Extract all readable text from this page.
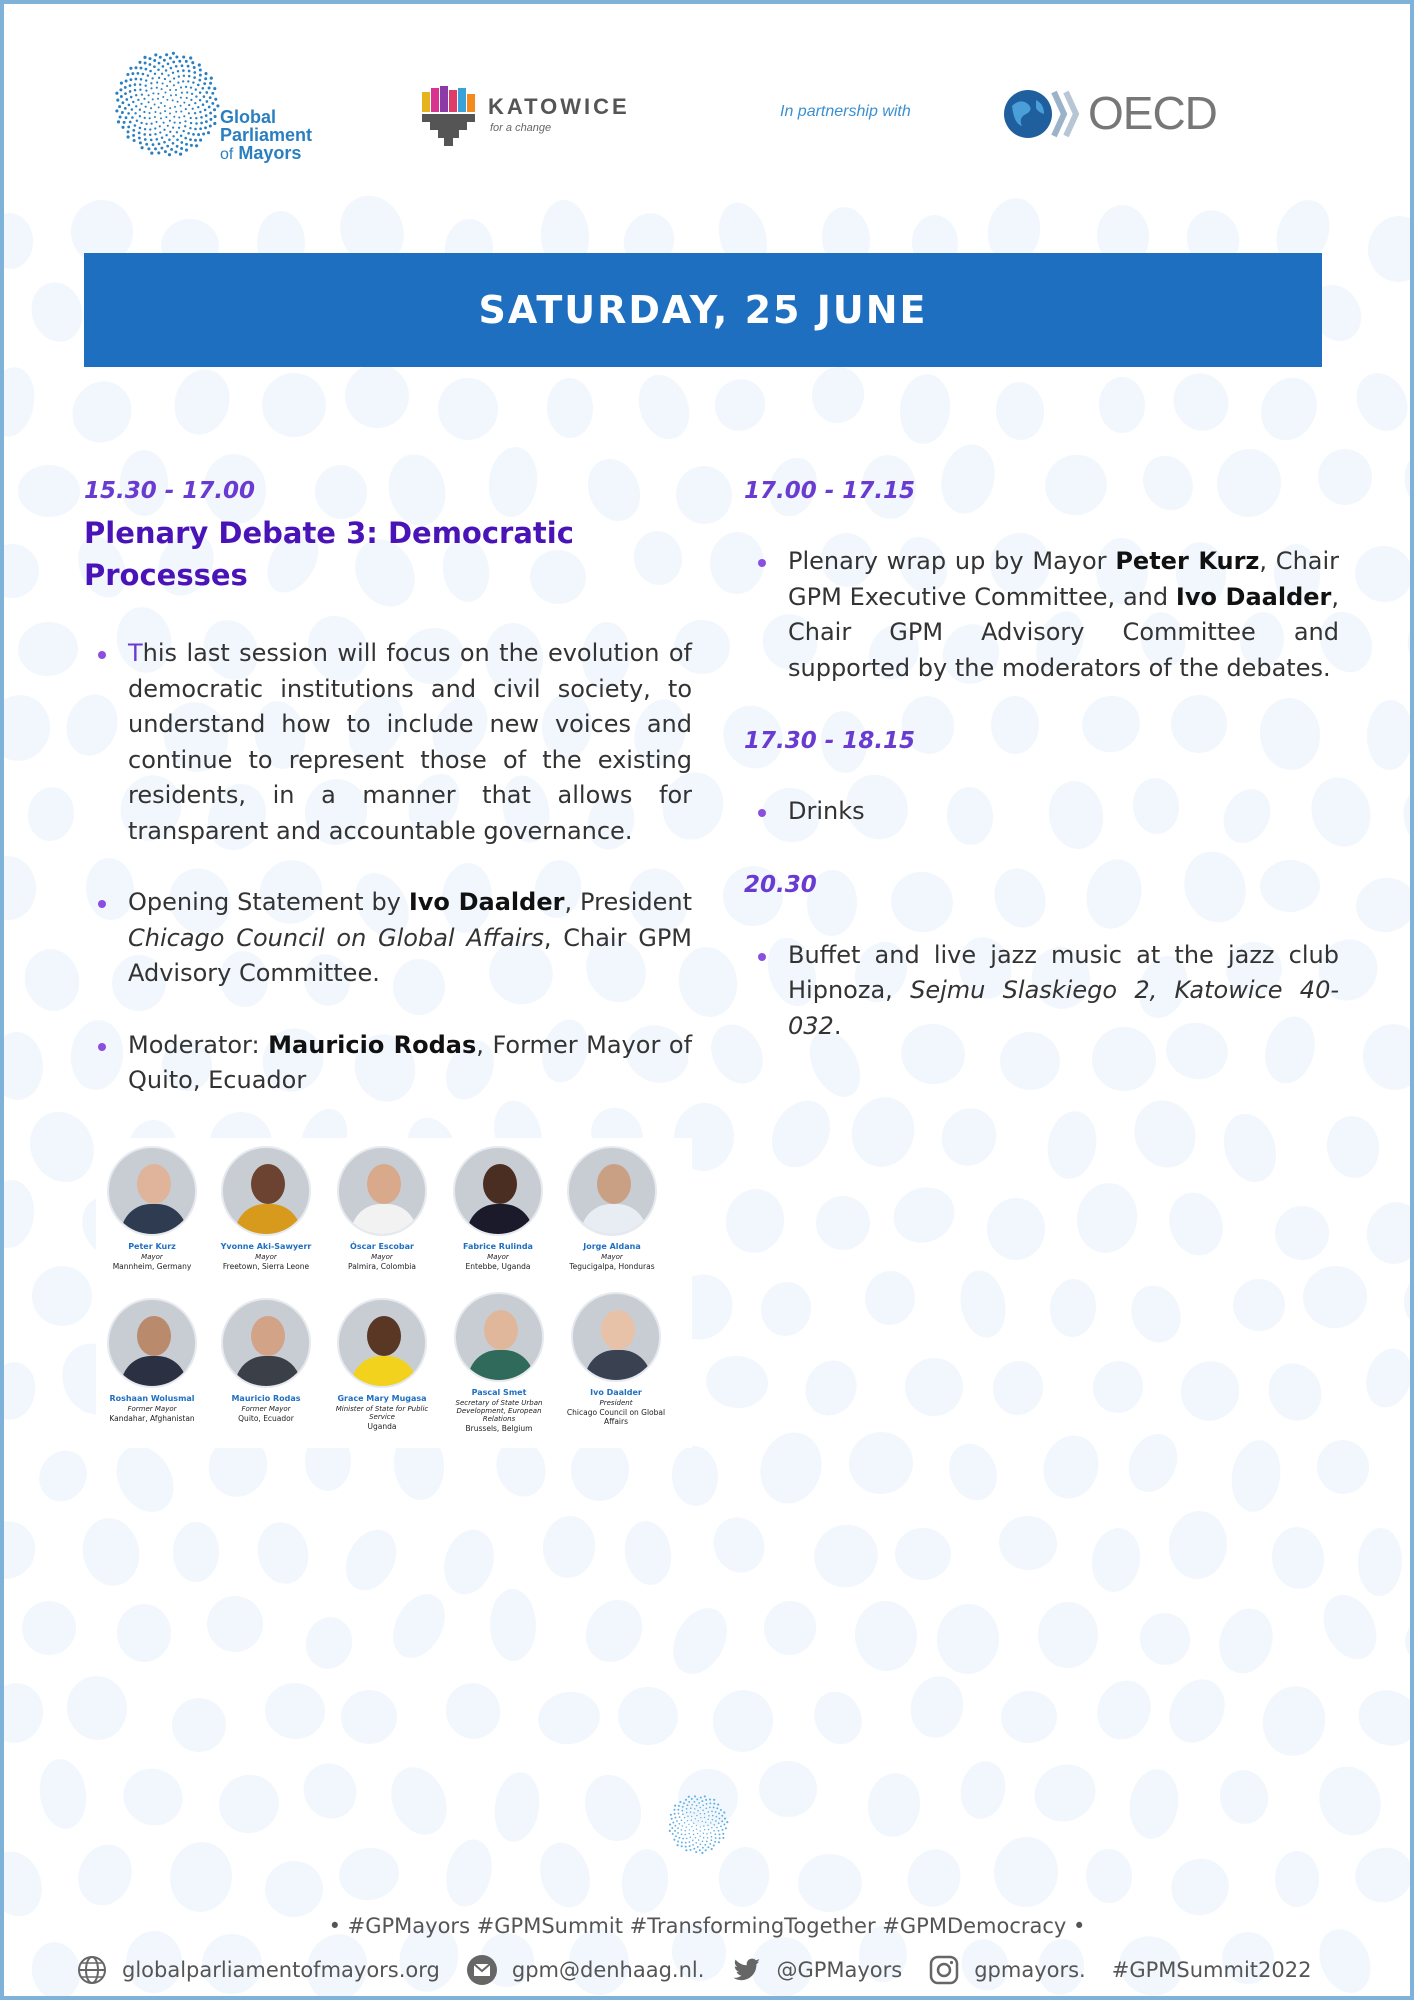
Global
Parliament
of Mayors
KATOWICE
for a change
In partnership with	OECD
SATURDAY, 25 JUNE
15.30 - 17.00
Plenary Debate 3: Democratic Processes
This last session will focus on the evolution of democratic institutions and civil society, to understand how to include new voices and continue to represent those of the existing residents, in a manner that allows for transparent and accountable governance.
Opening Statement by Ivo Daalder, President Chicago Council on Global Affairs, Chair GPM Advisory Committee.
Moderator: Mauricio Rodas, Former Mayor of Quito, Ecuador
Peter Kurz
Mayor
Mannheim, Germany
Yvonne Aki-Sawyerr
Mayor
Freetown, Sierra Leone
Óscar Escobar
Mayor
Palmira, Colombia
Fabrice Rulinda
Mayor
Entebbe, Uganda
Jorge Aldana
Mayor
Tegucigalpa, Honduras
Roshaan Wolusmal
Former Mayor
Kandahar, Afghanistan
Mauricio Rodas
Former Mayor
Quito, Ecuador
Grace Mary Mugasa
Minister of State for Public Service
Uganda
Pascal Smet
Secretary of State Urban Development, European Relations
Brussels, Belgium
Ivo Daalder
President
Chicago Council on Global Affairs
17.00 - 17.15
Plenary wrap up by Mayor Peter Kurz, Chair GPM Executive Committee, and Ivo Daalder, Chair GPM Advisory Committee and supported by the moderators of the debates.
17.30 - 18.15
Drinks
20.30
Buffet and live jazz music at the jazz club Hipnoza, Sejmu Slaskiego 2, Katowice 40-032.
• #GPMayors #GPMSummit #TransformingTogether #GPMDemocracy •
globalparliamentofmayors.org	gpm@denhaag.nl.	@GPMayors	gpmayors. #GPMSummit2022
